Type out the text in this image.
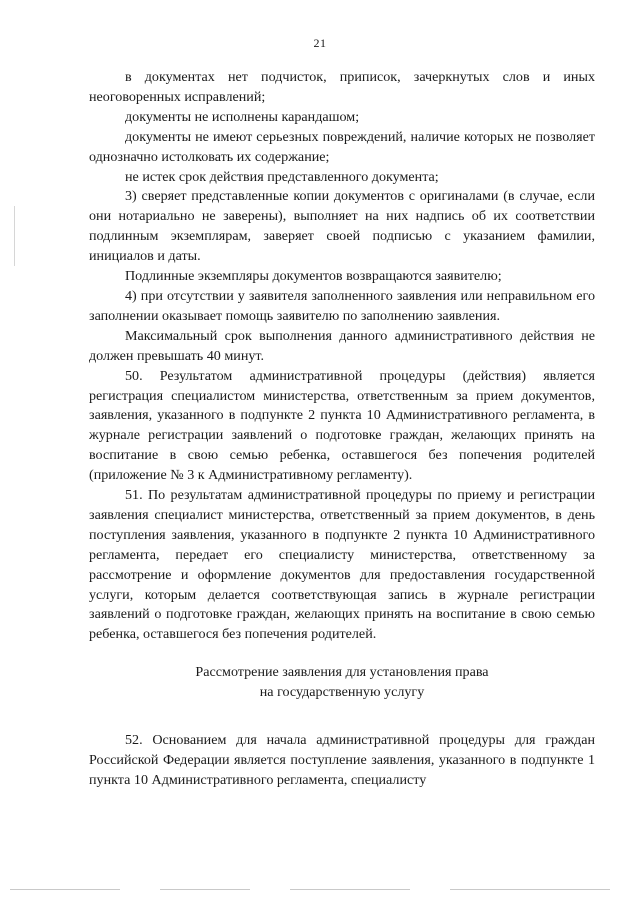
21

в документах нет подчисток, приписок, зачеркнутых слов и иных неоговоренных исправлений;

документы не исполнены карандашом;

документы не имеют серьезных повреждений, наличие которых не позволяет однозначно истолковать их содержание;

не истек срок действия представленного документа;

3) сверяет представленные копии документов с оригиналами (в случае, если они нотариально не заверены), выполняет на них надпись об их соответствии подлинным экземплярам, заверяет своей подписью с указанием фамилии, инициалов и даты.

Подлинные экземпляры документов возвращаются заявителю;

4) при отсутствии у заявителя заполненного заявления или неправильном его заполнении оказывает помощь заявителю по заполнению заявления.

Максимальный срок выполнения данного административного действия не должен превышать 40 минут.

50. Результатом административной процедуры (действия) является регистрация специалистом министерства, ответственным за прием документов, заявления, указанного в подпункте 2 пункта 10 Административного регламента, в журнале регистрации заявлений о подготовке граждан, желающих принять на воспитание в свою семью ребенка, оставшегося без попечения родителей (приложение № 3 к Административному регламенту).

51. По результатам административной процедуры по приему и регистрации заявления специалист министерства, ответственный за прием документов, в день поступления заявления, указанного в подпункте 2 пункта 10 Административного регламента, передает его специалисту министерства, ответственному за рассмотрение и оформление документов для предоставления государственной услуги, которым делается соответствующая запись в журнале регистрации заявлений о подготовке граждан, желающих принять на воспитание в свою семью ребенка, оставшегося без попечения родителей.

Рассмотрение заявления для установления права
на государственную услугу

52. Основанием для начала административной процедуры для граждан Российской Федерации является поступление заявления, указанного в подпункте 1 пункта 10 Административного регламента, специалисту
